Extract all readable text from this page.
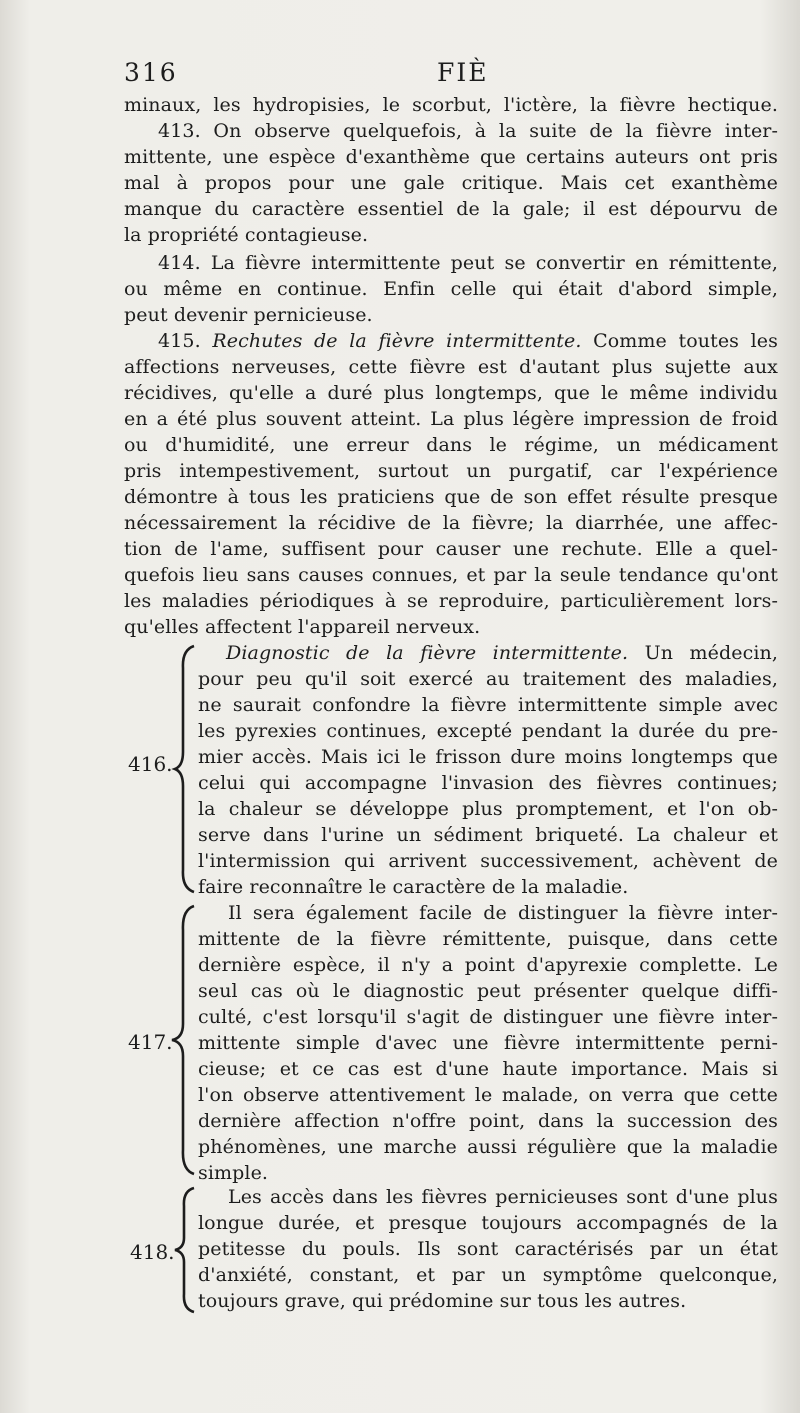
316	FIÈ
minaux, les hydropisies, le scorbut, l'ictère, la fièvre hectique.
413. On observe quelquefois, à la suite de la fièvre inter-
mittente, une espèce d'exanthème que certains auteurs ont pris
mal à propos pour une gale critique. Mais cet exanthème
manque du caractère essentiel de la gale; il est dépourvu de
la propriété contagieuse.
414. La fièvre intermittente peut se convertir en rémittente,
ou même en continue. Enfin celle qui était d'abord simple,
peut devenir pernicieuse.
415. Rechutes de la fièvre intermittente. Comme toutes les
affections nerveuses, cette fièvre est d'autant plus sujette aux
récidives, qu'elle a duré plus longtemps, que le même individu
en a été plus souvent atteint. La plus légère impression de froid
ou d'humidité, une erreur dans le régime, un médicament
pris intempestivement, surtout un purgatif, car l'expérience
démontre à tous les praticiens que de son effet résulte presque
nécessairement la récidive de la fièvre; la diarrhée, une affec-
tion de l'ame, suffisent pour causer une rechute. Elle a quel-
quefois lieu sans causes connues, et par la seule tendance qu'ont
les maladies périodiques à se reproduire, particulièrement lors-
qu'elles affectent l'appareil nerveux.
416.
Diagnostic de la fièvre intermittente. Un médecin,
pour peu qu'il soit exercé au traitement des maladies,
ne saurait confondre la fièvre intermittente simple avec
les pyrexies continues, excepté pendant la durée du pre-
mier accès. Mais ici le frisson dure moins longtemps que
celui qui accompagne l'invasion des fièvres continues;
la chaleur se développe plus promptement, et l'on ob-
serve dans l'urine un sédiment briqueté. La chaleur et
l'intermission qui arrivent successivement, achèvent de
faire reconnaître le caractère de la maladie.
417.
Il sera également facile de distinguer la fièvre inter-
mittente de la fièvre rémittente, puisque, dans cette
dernière espèce, il n'y a point d'apyrexie complette. Le
seul cas où le diagnostic peut présenter quelque diffi-
culté, c'est lorsqu'il s'agit de distinguer une fièvre inter-
mittente simple d'avec une fièvre intermittente perni-
cieuse; et ce cas est d'une haute importance. Mais si
l'on observe attentivement le malade, on verra que cette
dernière affection n'offre point, dans la succession des
phénomènes, une marche aussi régulière que la maladie
simple.
418.
Les accès dans les fièvres pernicieuses sont d'une plus
longue durée, et presque toujours accompagnés de la
petitesse du pouls. Ils sont caractérisés par un état
d'anxiété, constant, et par un symptôme quelconque,
toujours grave, qui prédomine sur tous les autres.
